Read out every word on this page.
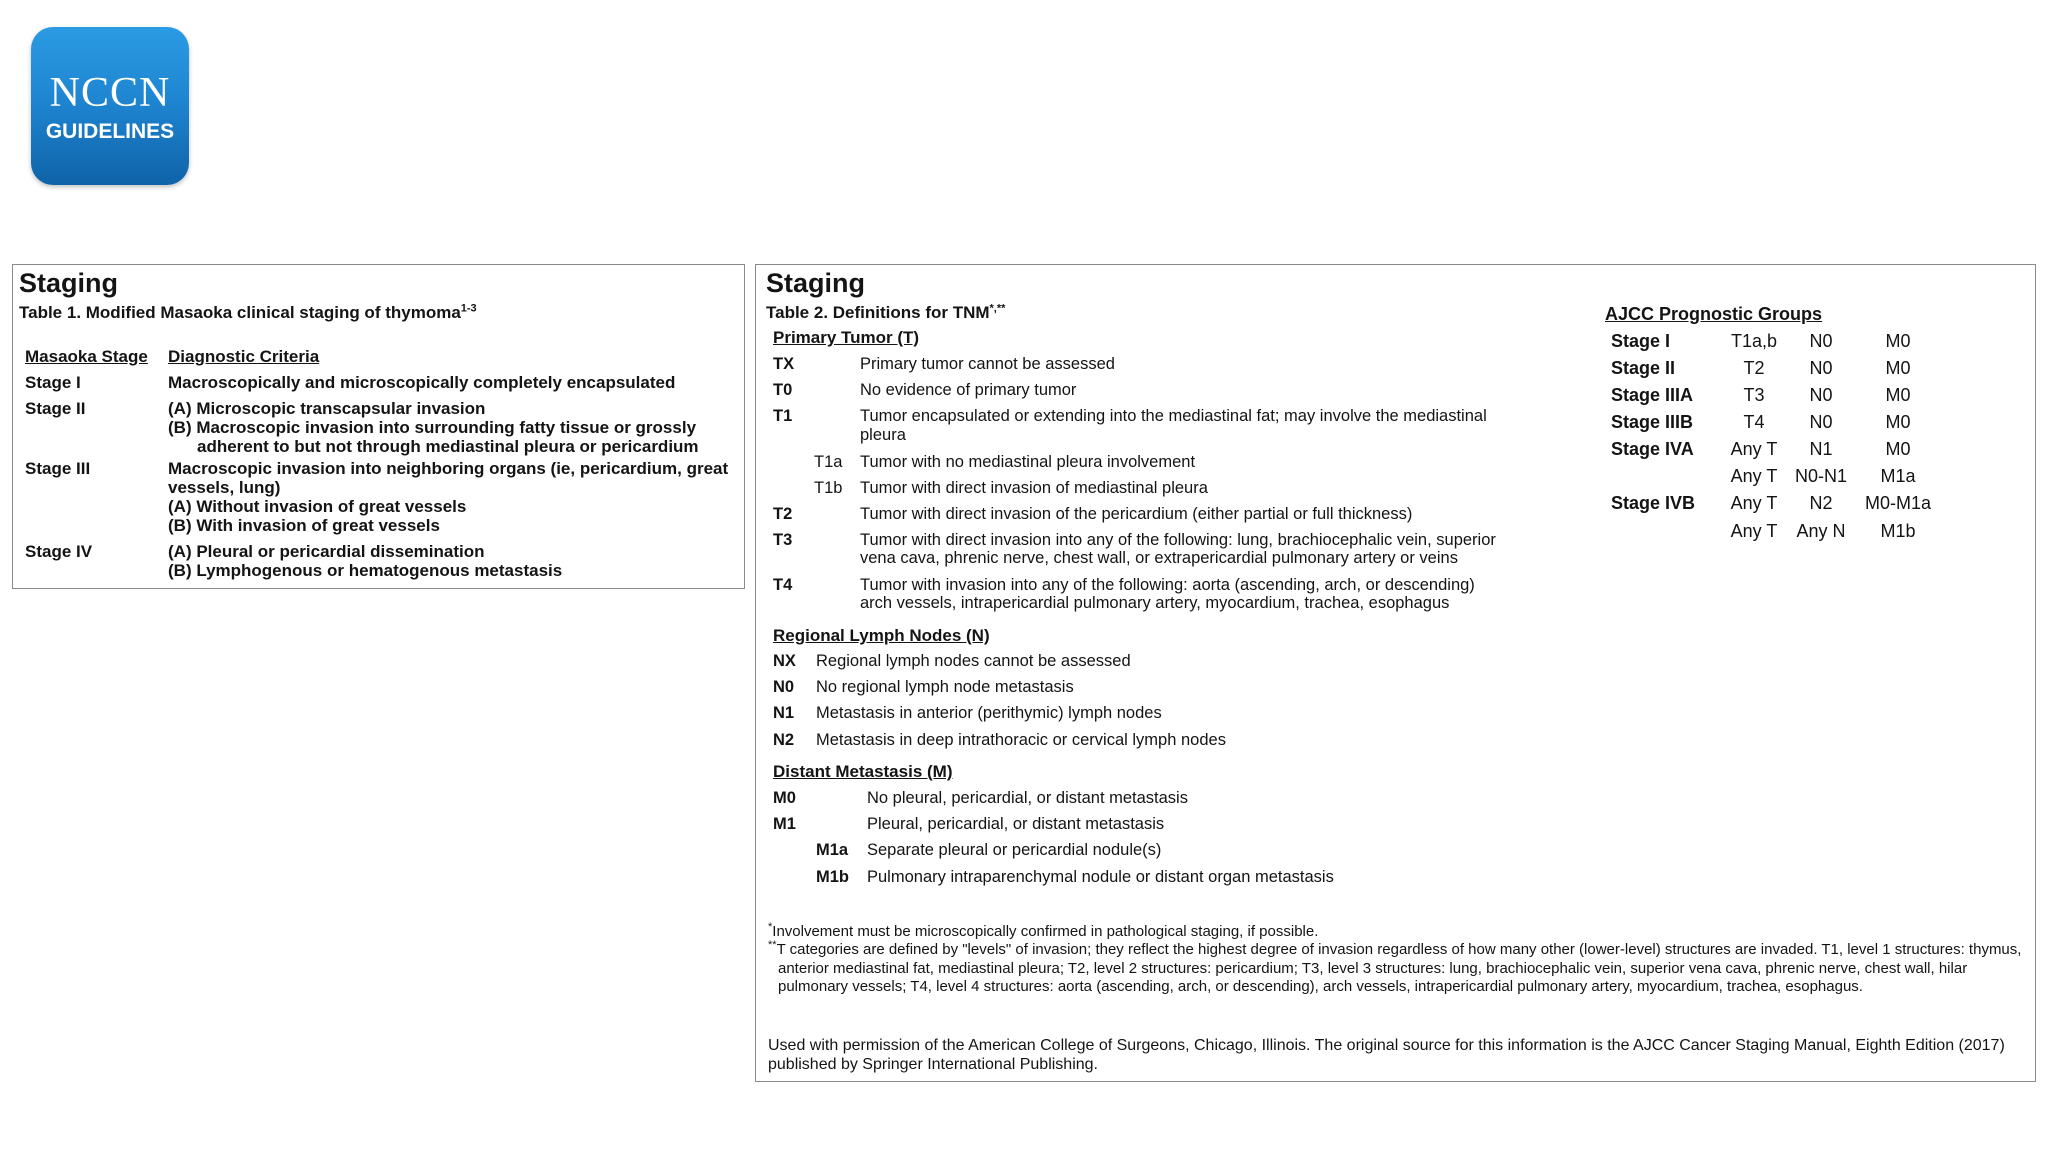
NCCN
GUIDELINES
Staging
Table 1. Modified Masaoka clinical staging of thymoma$^{1-3}$
Masaoka Stage Diagnostic Criteria
Stage I	Macroscopically and microscopically completely encapsulated
Stage II	(A) Microscopic transcapsular invasion
(B) Macroscopic invasion into surrounding fatty tissue or grossly
adherent to but not through mediastinal pleura or pericardium
Stage III	Macroscopic invasion into neighboring organs (ie, pericardium, great
vessels, lung)
(A) Without invasion of great vessels
(B) With invasion of great vessels
Stage IV	(A) Pleural or pericardial dissemination
(B) Lymphogenous or hematogenous metastasis
Staging
Table 2. Definitions for TNM*,**
Primary Tumor (T)
TX	Primary tumor cannot be assessed
T0	No evidence of primary tumor
T1	Tumor encapsulated or extending into the mediastinal fat; may involve the mediastinal
pleura
T1a Tumor with no mediastinal pleura involvement
T1b Tumor with direct invasion of mediastinal pleura
T2	Tumor with direct invasion of the pericardium (either partial or full thickness)
T3	Tumor with direct invasion into any of the following: lung, brachiocephalic vein, superior
vena cava, phrenic nerve, chest wall, or extrapericardial pulmonary artery or veins
T4	Tumor with invasion into any of the following: aorta (ascending, arch, or descending)
arch vessels, intrapericardial pulmonary artery, myocardium, trachea, esophagus
Regional Lymph Nodes (N)
NX Regional lymph nodes cannot be assessed
N0 No regional lymph node metastasis
N1 Metastasis in anterior (perithymic) lymph nodes
N2 Metastasis in deep intrathoracic or cervical lymph nodes
Distant Metastasis (M)
M0	No pleural, pericardial, or distant metastasis
M1	Pleural, pericardial, or distant metastasis
M1a Separate pleural or pericardial nodule(s)
M1b Pulmonary intraparenchymal nodule or distant organ metastasis
AJCC Prognostic Groups
Stage I	T1a,b	N0	M0
Stage II	T2	N0	M0
Stage IIIA	T3	N0	M0
Stage IIIB	T4	N0	M0
Stage IVA	Any T	N1	M0
Any T N0-N1	M1a
Stage IVB	Any T	N2	M0-M1a
Any T	Any N	M1b
*Involvement must be microscopically confirmed in pathological staging, if possible.
**T categories are defined by "levels" of invasion; they reflect the highest degree of invasion regardless of how many other (lower-level) structures are invaded. T1, level 1 structures: thymus, anterior mediastinal fat, mediastinal pleura; T2, level 2 structures: pericardium; T3, level 3 structures: lung, brachiocephalic vein, superior vena cava, phrenic nerve, chest wall, hilar pulmonary vessels; T4, level 4 structures: aorta (ascending, arch, or descending), arch vessels, intrapericardial pulmonary artery, myocardium, trachea, esophagus.
Used with permission of the American College of Surgeons, Chicago, Illinois. The original source for this information is the AJCC Cancer Staging Manual, Eighth Edition (2017) published by Springer International Publishing.
